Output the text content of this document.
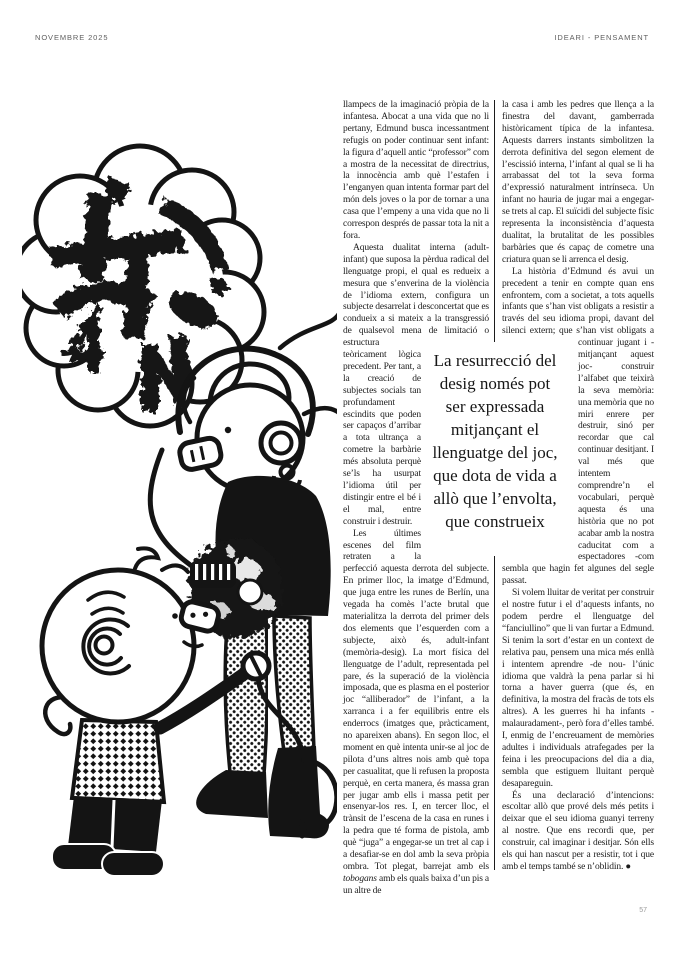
NOVEMBRE 2025	IDEARI - PENSAMENT

llampecs de la imaginació pròpia de la infantesa. Abocat a una vida que no li pertany, Edmund busca incessantment refugis on poder continuar sent infant: la figura d’aquell antic “professor” com a mostra de la necessitat de directrius, la innocència amb què l’estafen i l’enganyen quan intenta formar part del món dels joves o la por de tornar a una casa que l’empeny a una vida que no li correspon després de passar tota la nit a fora.

Aquesta dualitat interna (adult-infant) que suposa la pèrdua radical del llenguatge propi, el qual es redueix a mesura que s’enverina de la violència de l’idioma extern, configura un subjecte desarrelat i desconcertat que es condueix a si mateix a la transgressió de qualsevol mena de limitació o estructura teòricament lògica precedent. Per tant, a la creació de subjectes socials tan profundament escindits que poden ser capaços d’arribar a tota ultrança a cometre la barbàrie més absoluta perquè se’ls ha usurpat l’idioma útil per distingir entre el bé i el mal, entre construir i destruir.

Les últimes escenes del film retraten a la perfecció aquesta derrota del subjecte. En primer lloc, la imatge d’Edmund, que juga entre les runes de Berlín, una vegada ha comès l’acte brutal que materialitza la derrota del primer dels dos elements que l’esquerden com a subjecte, això és, adult-infant (memòria-desig). La mort física del llenguatge de l’adult, representada pel pare, és la superació de la violència imposada, que es plasma en el posterior joc “alliberador” de l’infant, a la xarranca i a fer equilibris entre els enderrocs (imatges que, pràcticament, no apareixen abans). En segon lloc, el moment en què intenta unir-se al joc de pilota d’uns altres nois amb què topa per casualitat, que li refusen la proposta perquè, en certa manera, és massa gran per jugar amb ells i massa petit per ensenyar-los res. I, en tercer lloc, el trànsit de l’escena de la casa en runes i la pedra que té forma de pistola, amb què “juga” a engegar-se un tret al cap i a desafiar-se en dol amb la seva pròpia ombra. Tot plegat, barrejat amb els tobogans amb els quals baixa d’un pis a un altre de

la casa i amb les pedres que llença a la finestra del davant, gamberrada històricament típica de la infantesa. Aquests darrers instants simbolitzen la derrota definitiva del segon element de l’escissió interna, l’infant al qual se li ha arrabassat del tot la seva forma d’expressió naturalment intrínseca. Un infant no hauria de jugar mai a engegar-se trets al cap. El suïcidi del subjecte físic representa la inconsistència d’aquesta dualitat, la brutalitat de les possibles barbàries que és capaç de cometre una criatura quan se li arrenca el desig.

La història d’Edmund és avui un precedent a tenir en compte quan ens enfrontem, com a societat, a tots aquells infants que s’han vist obligats a resistir a través del seu idioma propi, davant del silenci extern; que s’han vist obligats a continuar jugant i -mitjançant aquest joc- construir l’alfabet que teixirà la seva memòria: una memòria que no miri enrere per destruir, sinó per recordar que cal continuar desitjant. I val més que intentem comprendre’n el vocabulari, perquè aquesta és una història que no pot acabar amb la nostra caducitat com a espectadores -com sembla que hagin fet algunes del segle passat.

Si volem lluitar de veritat per construir el nostre futur i el d’aquests infants, no podem perdre el llenguatge del “fanciullino” que li van furtar a Edmund. Si tenim la sort d’estar en un context de relativa pau, pensem una mica més enllà i intentem aprendre -de nou- l’únic idioma que valdrà la pena parlar si hi torna a haver guerra (que és, en definitiva, la mostra del fracàs de tots els altres). A les guerres hi ha infants - malauradament-, però fora d’elles també. I, enmig de l’encreuament de memòries adultes i individuals atrafegades per la feina i les preocupacions del dia a dia, sembla que estiguem lluitant perquè desapareguin.

És una declaració d’intencions: escoltar allò que prové dels més petits i deixar que el seu idioma guanyi terreny al nostre. Que ens recordi que, per construir, cal imaginar i desitjar. Són ells els qui han nascut per a resistir, tot i que amb el temps també se n’oblidin. ●

La resurrecció del
desig només pot
ser expressada
mitjançant el
llenguatge del joc,
que dota de vida a
allò que l’envolta,
que construeix
57
